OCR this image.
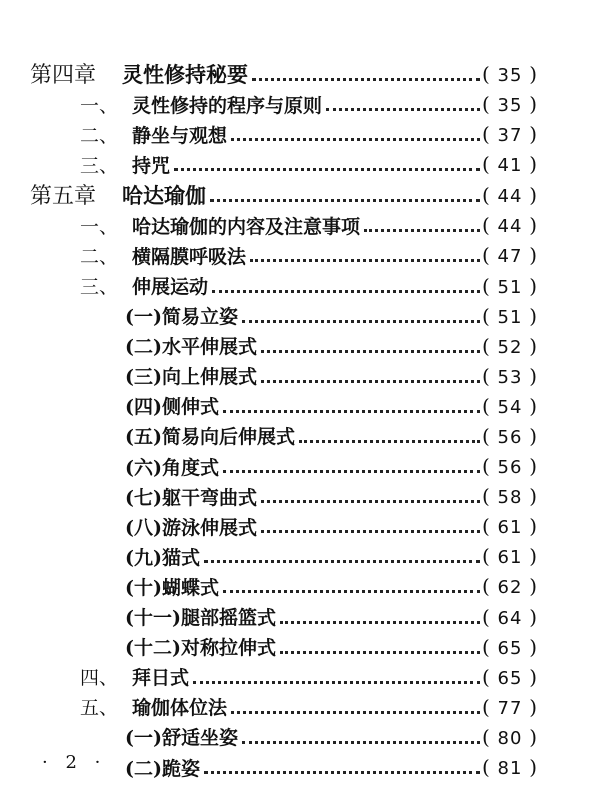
第四章 灵性修持秘要	( 35 )
一、 灵性修持的程序与原则	( 35 )
二、 静坐与观想	( 37 )
三、 持咒	( 41 )
第五章 哈达瑜伽	( 44 )
一、 哈达瑜伽的内容及注意事项	( 44 )
二、 横隔膜呼吸法	( 47 )
三、 伸展运动	( 51 )
(一)简易立姿	( 51 )
(二)水平伸展式	( 52 )
(三)向上伸展式	( 53 )
(四)侧伸式	( 54 )
(五)简易向后伸展式	( 56 )
(六)角度式	( 56 )
(七)躯干弯曲式	( 58 )
(八)游泳伸展式	( 61 )
(九)猫式	( 61 )
(十)蝴蝶式	( 62 )
(十一)腿部摇篮式	( 64 )
(十二)对称拉伸式	( 65 )
四、 拜日式	( 65 )
五、 瑜伽体位法	( 77 )
(一)舒适坐姿	( 80 )
(二)跪姿	( 81 )
· 2 ·
